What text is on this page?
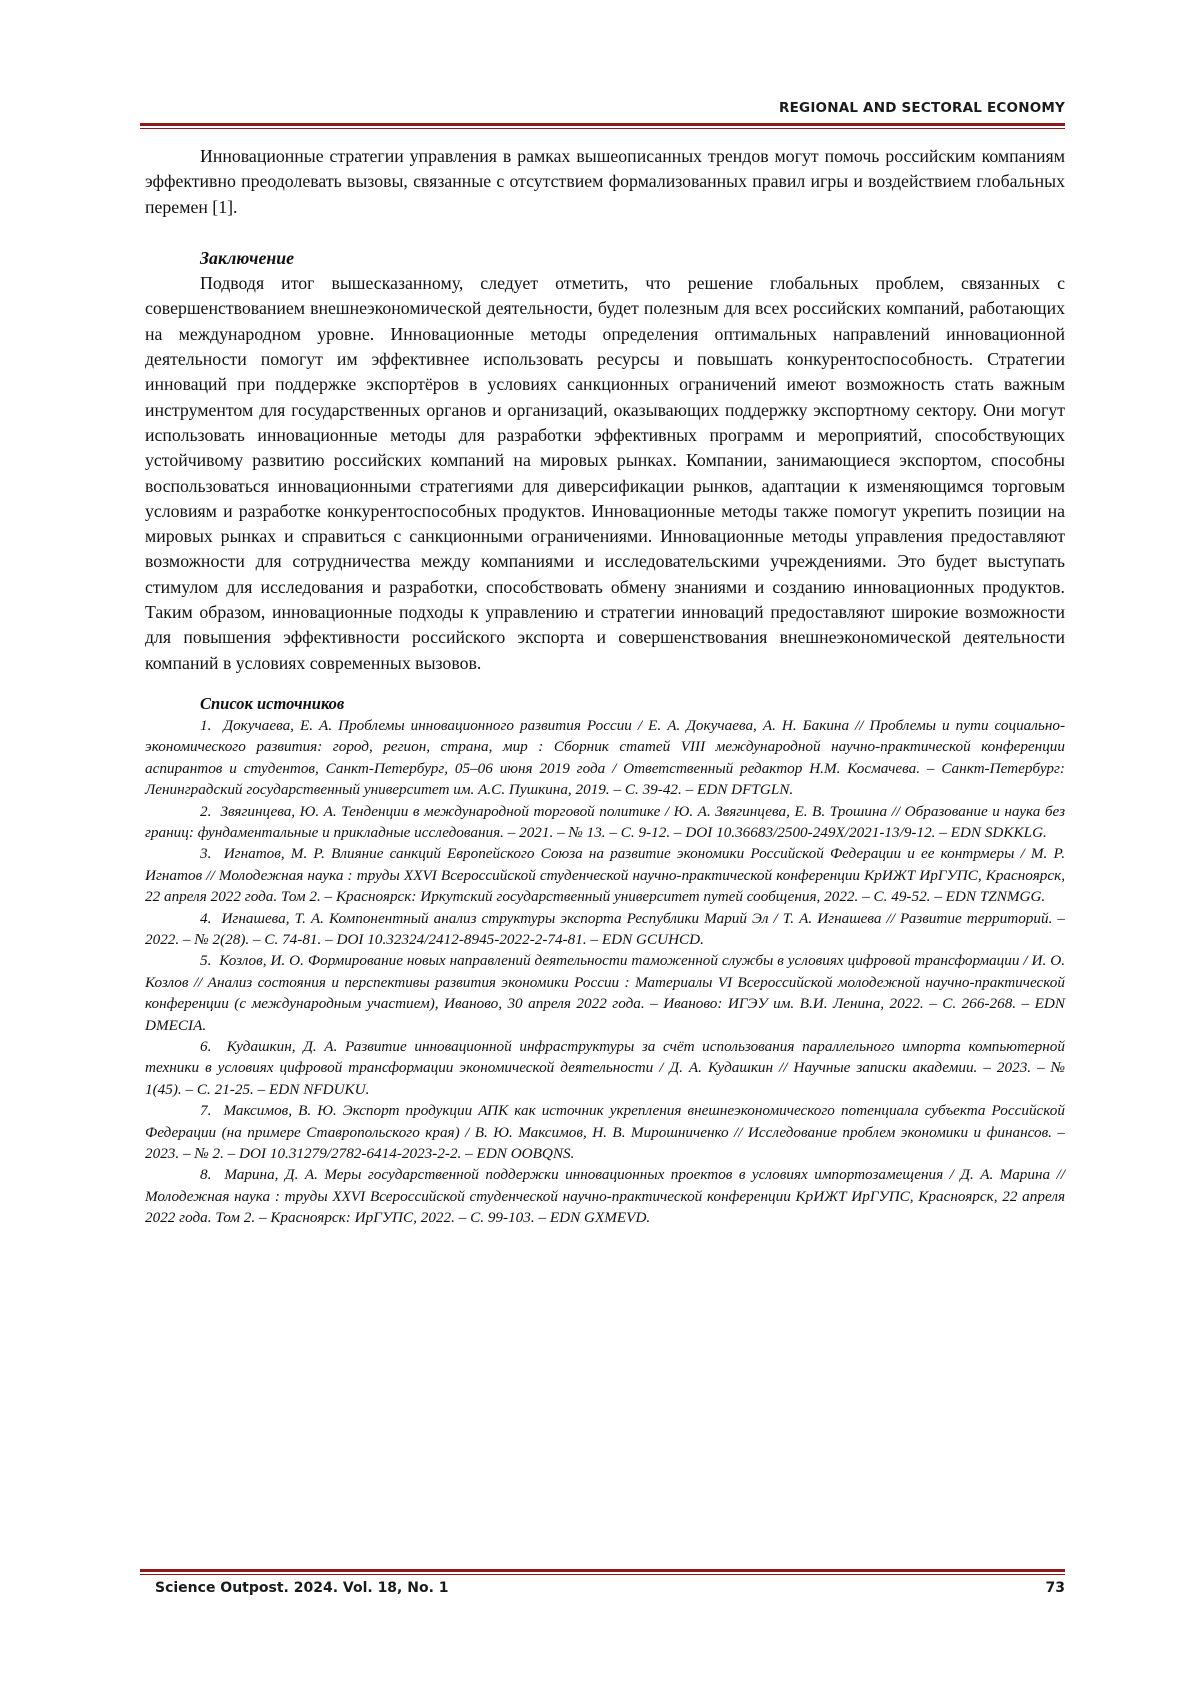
REGIONAL AND SECTORAL ECONOMY

Инновационные стратегии управления в рамках вышеописанных трендов могут помочь российским компаниям эффективно преодолевать вызовы, связанные с отсутствием формализованных правил игры и воздействием глобальных перемен [1].

Заключение

Подводя итог вышесказанному, следует отметить, что решение глобальных проблем, связанных с совершенствованием внешнеэкономической деятельности, будет полезным для всех российских компаний, работающих на международном уровне. Инновационные методы определения оптимальных направлений инновационной деятельности помогут им эффективнее использовать ресурсы и повышать конкурентоспособность. Стратегии инноваций при поддержке экспортёров в условиях санкционных ограничений имеют возможность стать важным инструментом для государственных органов и организаций, оказывающих поддержку экспортному сектору. Они могут использовать инновационные методы для разработки эффективных программ и мероприятий, способствующих устойчивому развитию российских компаний на мировых рынках. Компании, занимающиеся экспортом, способны воспользоваться инновационными стратегиями для диверсификации рынков, адаптации к изменяющимся торговым условиям и разработке конкурентоспособных продуктов. Инновационные методы также помогут укрепить позиции на мировых рынках и справиться с санкционными ограничениями. Инновационные методы управления предоставляют возможности для сотрудничества между компаниями и исследовательскими учреждениями. Это будет выступать стимулом для исследования и разработки, способствовать обмену знаниями и созданию инновационных продуктов. Таким образом, инновационные подходы к управлению и стратегии инноваций предоставляют широкие возможности для повышения эффективности российского экспорта и совершенствования внешнеэкономической деятельности компаний в условиях современных вызовов.

Список источников

1. Докучаева, Е. А. Проблемы инновационного развития России / Е. А. Докучаева, А. Н. Бакина // Проблемы и пути социально-экономического развития: город, регион, страна, мир : Сборник статей VIII международной научно-практической конференции аспирантов и студентов, Санкт-Петербург, 05–06 июня 2019 года / Ответственный редактор Н.М. Космачева. – Санкт-Петербург: Ленинградский государственный университет им. А.С. Пушкина, 2019. – С. 39-42. – EDN DFTGLN.
2. Звягинцева, Ю. А. Тенденции в международной торговой политике / Ю. А. Звягинцева, Е. В. Трошина // Образование и наука без границ: фундаментальные и прикладные исследования. – 2021. – № 13. – С. 9-12. – DOI 10.36683/2500-249X/2021-13/9-12. – EDN SDKKLG.
3. Игнатов, М. Р. Влияние санкций Европейского Союза на развитие экономики Российской Федерации и ее контрмеры / М. Р. Игнатов // Молодежная наука : труды XXVI Всероссийской студенческой научно-практической конференции КрИЖТ ИрГУПС, Красноярск, 22 апреля 2022 года. Том 2. – Красноярск: Иркутский государственный университет путей сообщения, 2022. – С. 49-52. – EDN TZNMGG.
4. Игнашева, Т. А. Компонентный анализ структуры экспорта Республики Марий Эл / Т. А. Игнашева // Развитие территорий. – 2022. – № 2(28). – С. 74-81. – DOI 10.32324/2412-8945-2022-2-74-81. – EDN GCUHCD.
5. Козлов, И. О. Формирование новых направлений деятельности таможенной службы в условиях цифровой трансформации / И. О. Козлов // Анализ состояния и перспективы развития экономики России : Материалы VI Всероссийской молодежной научно-практической конференции (с международным участием), Иваново, 30 апреля 2022 года. – Иваново: ИГЭУ им. В.И. Ленина, 2022. – С. 266-268. – EDN DMECIA.
6. Кудашкин, Д. А. Развитие инновационной инфраструктуры за счёт использования параллельного импорта компьютерной техники в условиях цифровой трансформации экономической деятельности / Д. А. Кудашкин // Научные записки академии. – 2023. – № 1(45). – С. 21-25. – EDN NFDUKU.
7. Максимов, В. Ю. Экспорт продукции АПК как источник укрепления внешнеэкономического потенциала субъекта Российской Федерации (на примере Ставропольского края) / В. Ю. Максимов, Н. В. Мирошниченко // Исследование проблем экономики и финансов. – 2023. – № 2. – DOI 10.31279/2782-6414-2023-2-2. – EDN OOBQNS.
8. Марина, Д. А. Меры государственной поддержки инновационных проектов в условиях импортозамещения / Д. А. Марина // Молодежная наука : труды XXVI Всероссийской студенческой научно-практической конференции КрИЖТ ИрГУПС, Красноярск, 22 апреля 2022 года. Том 2. – Красноярск: ИрГУПС, 2022. – С. 99-103. – EDN GXMEVD.
Science Outpost. 2024. Vol. 18, No. 1	73
